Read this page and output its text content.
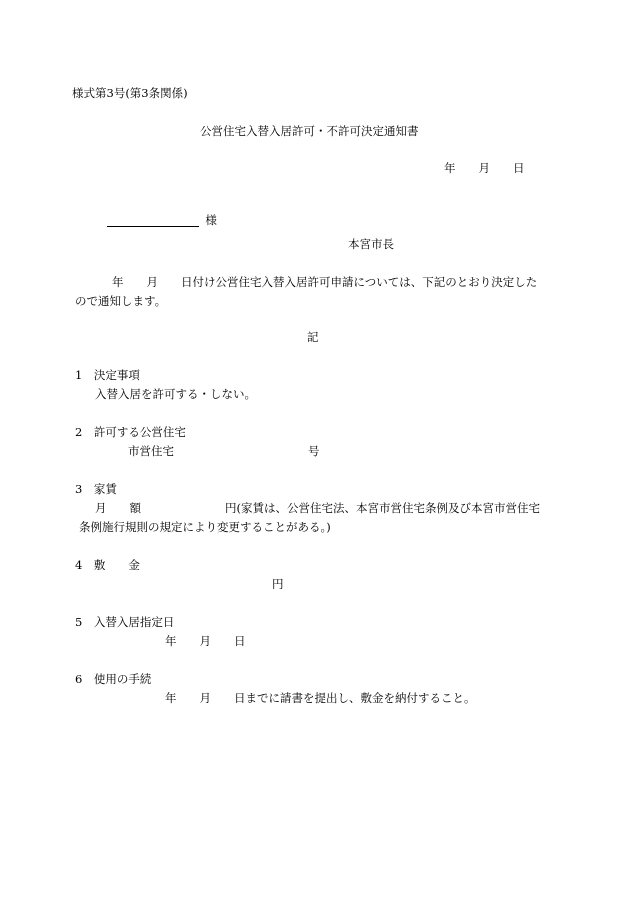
様式第3号(第3条関係)
公営住宅入替入居許可・不許可決定通知書
年　　月　　日

様

本宮市長
年　　月　　日付け公営住宅入替入居許可申請については、下記のとおり決定した
ので通知します。
記
1　決定事項
入替入居を許可する・しない。
2　許可する公営住宅
市営住宅	号
3　家賃
月　　額	円(家賃は、公営住宅法、本宮市営住宅条例及び本宮市営住宅
条例施行規則の規定により変更することがある。)
4　敷　　金
円
5　入替入居指定日
年　　月　　日
6　使用の手続
年　　月　　日までに請書を提出し、敷金を納付すること。
